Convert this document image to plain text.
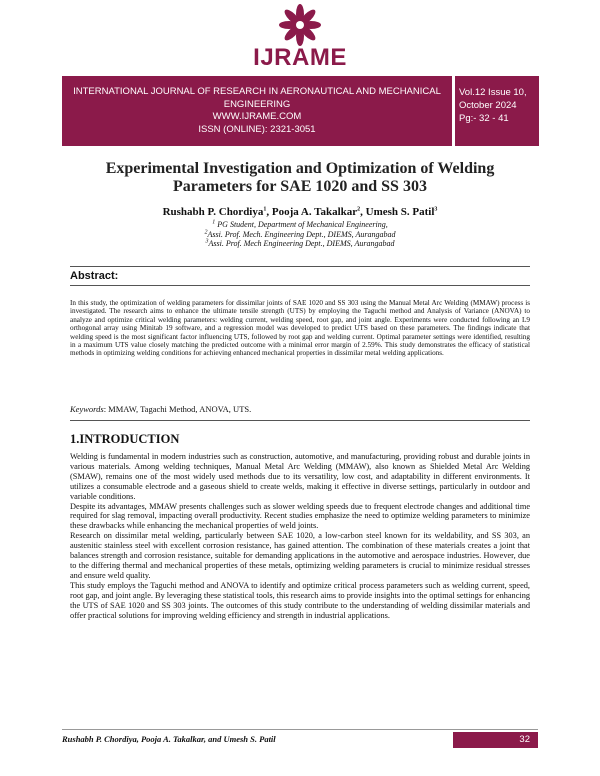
IJRAME
INTERNATIONAL JOURNAL OF RESEARCH IN AERONAUTICAL AND MECHANICAL ENGINEERING
WWW.IJRAME.COM
ISSN (ONLINE): 2321-3051
Vol.12 Issue 10,
October 2024
Pg:- 32 - 41
Experimental Investigation and Optimization of Welding
Parameters for SAE 1020 and SS 303
Rushabh P. Chordiya$^1$, Pooja A. Takalkar$^2$, Umesh S. Patil$^3$
$^1$ PG Student, Department of Mechanical Engineering,
$^2$Assi. Prof. Mech. Engineering Dept., DIEMS, Aurangabad
$^3$Assi. Prof. Mech Engineering Dept., DIEMS, Aurangabad
Abstract:
In this study, the optimization of welding parameters for dissimilar joints of SAE 1020 and SS 303 using the Manual Metal Arc Welding (MMAW) process is investigated. The research aims to enhance the ultimate tensile strength (UTS) by employing the Taguchi method and Analysis of Variance (ANOVA) to analyze and optimize critical welding parameters: welding current, welding speed, root gap, and joint angle. Experiments were conducted following an L9 orthogonal array using Minitab 19 software, and a regression model was developed to predict UTS based on these parameters. The findings indicate that welding speed is the most significant factor influencing UTS, followed by root gap and welding current. Optimal parameter settings were identified, resulting in a maximum UTS value closely matching the predicted outcome with a minimal error margin of 2.59%. This study demonstrates the efficacy of statistical methods in optimizing welding conditions for achieving enhanced mechanical properties in dissimilar metal welding applications.
Keywords: MMAW, Tagachi Method, ANOVA, UTS.
1.INTRODUCTION

Welding is fundamental in modern industries such as construction, automotive, and manufacturing, providing robust and durable joints in various materials. Among welding techniques, Manual Metal Arc Welding (MMAW), also known as Shielded Metal Arc Welding (SMAW), remains one of the most widely used methods due to its versatility, low cost, and adaptability in different environments. It utilizes a consumable electrode and a gaseous shield to create welds, making it effective in diverse settings, particularly in outdoor and variable conditions.

Despite its advantages, MMAW presents challenges such as slower welding speeds due to frequent electrode changes and additional time required for slag removal, impacting overall productivity. Recent studies emphasize the need to optimize welding parameters to minimize these drawbacks while enhancing the mechanical properties of weld joints.

Research on dissimilar metal welding, particularly between SAE 1020, a low-carbon steel known for its weldability, and SS 303, an austenitic stainless steel with excellent corrosion resistance, has gained attention. The combination of these materials creates a joint that balances strength and corrosion resistance, suitable for demanding applications in the automotive and aerospace industries. However, due to the differing thermal and mechanical properties of these metals, optimizing welding parameters is crucial to minimize residual stresses and ensure weld quality.

This study employs the Taguchi method and ANOVA to identify and optimize critical process parameters such as welding current, speed, root gap, and joint angle. By leveraging these statistical tools, this research aims to provide insights into the optimal settings for enhancing the UTS of SAE 1020 and SS 303 joints. The outcomes of this study contribute to the understanding of welding dissimilar materials and offer practical solutions for improving welding efficiency and strength in industrial applications.

Rushabh P. Chordiya, Pooja A. Takalkar, and Umesh S. Patil	32
